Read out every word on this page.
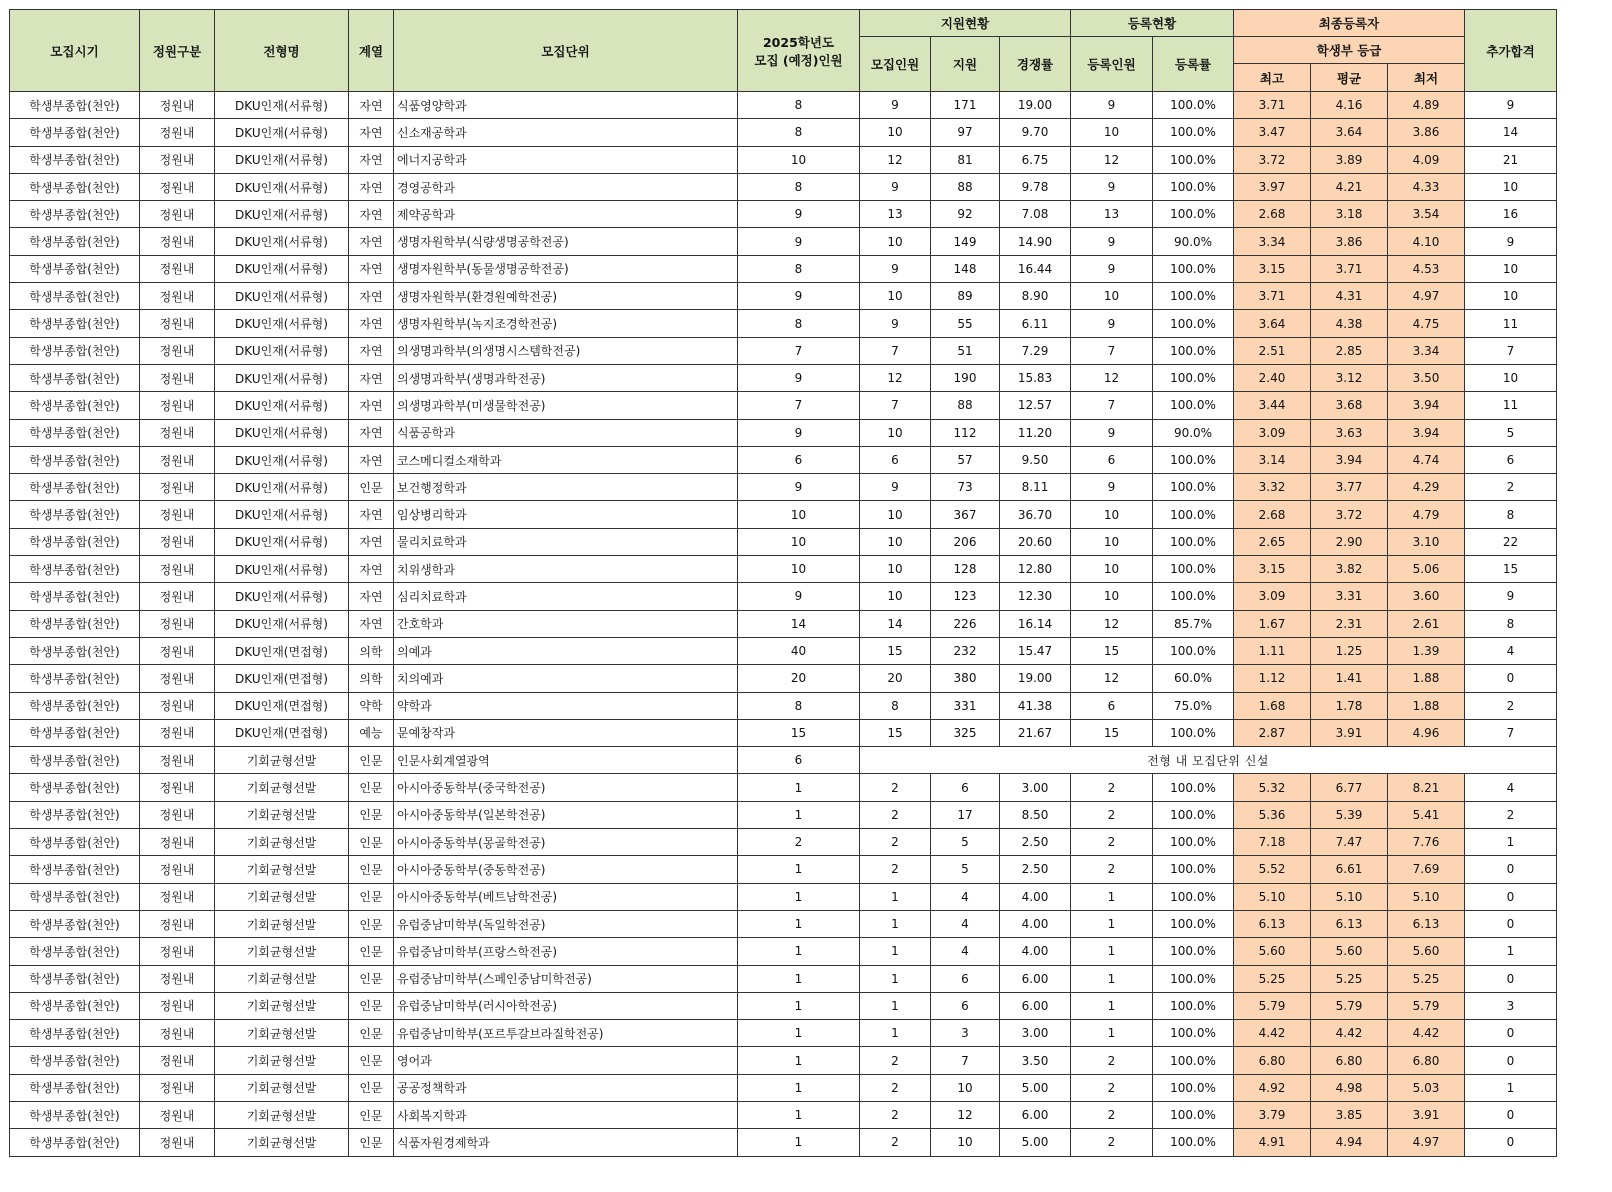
모집시기	정원구분	전형명	계열	모집단위	2025학년도
모집 (예정)인원	지원현황			등록현황		최종등록자			추가합격
						모집인원	지원	경쟁률	등록인원	등록률	학생부 등급			
											최고	평균	최저	
학생부종합(천안)	정원내	DKU인재(서류형)	자연	식품영양학과	8	9	171	19.00	9	100.0%	3.71	4.16	4.89	9
학생부종합(천안)	정원내	DKU인재(서류형)	자연	신소재공학과	8	10	97	9.70	10	100.0%	3.47	3.64	3.86	14
학생부종합(천안)	정원내	DKU인재(서류형)	자연	에너지공학과	10	12	81	6.75	12	100.0%	3.72	3.89	4.09	21
학생부종합(천안)	정원내	DKU인재(서류형)	자연	경영공학과	8	9	88	9.78	9	100.0%	3.97	4.21	4.33	10
학생부종합(천안)	정원내	DKU인재(서류형)	자연	제약공학과	9	13	92	7.08	13	100.0%	2.68	3.18	3.54	16
학생부종합(천안)	정원내	DKU인재(서류형)	자연	생명자원학부(식량생명공학전공)	9	10	149	14.90	9	90.0%	3.34	3.86	4.10	9
학생부종합(천안)	정원내	DKU인재(서류형)	자연	생명자원학부(동물생명공학전공)	8	9	148	16.44	9	100.0%	3.15	3.71	4.53	10
학생부종합(천안)	정원내	DKU인재(서류형)	자연	생명자원학부(환경원예학전공)	9	10	89	8.90	10	100.0%	3.71	4.31	4.97	10
학생부종합(천안)	정원내	DKU인재(서류형)	자연	생명자원학부(녹지조경학전공)	8	9	55	6.11	9	100.0%	3.64	4.38	4.75	11
학생부종합(천안)	정원내	DKU인재(서류형)	자연	의생명과학부(의생명시스템학전공)	7	7	51	7.29	7	100.0%	2.51	2.85	3.34	7
학생부종합(천안)	정원내	DKU인재(서류형)	자연	의생명과학부(생명과학전공)	9	12	190	15.83	12	100.0%	2.40	3.12	3.50	10
학생부종합(천안)	정원내	DKU인재(서류형)	자연	의생명과학부(미생물학전공)	7	7	88	12.57	7	100.0%	3.44	3.68	3.94	11
학생부종합(천안)	정원내	DKU인재(서류형)	자연	식품공학과	9	10	112	11.20	9	90.0%	3.09	3.63	3.94	5
학생부종합(천안)	정원내	DKU인재(서류형)	자연	코스메디컬소재학과	6	6	57	9.50	6	100.0%	3.14	3.94	4.74	6
학생부종합(천안)	정원내	DKU인재(서류형)	인문	보건행정학과	9	9	73	8.11	9	100.0%	3.32	3.77	4.29	2
학생부종합(천안)	정원내	DKU인재(서류형)	자연	임상병리학과	10	10	367	36.70	10	100.0%	2.68	3.72	4.79	8
학생부종합(천안)	정원내	DKU인재(서류형)	자연	물리치료학과	10	10	206	20.60	10	100.0%	2.65	2.90	3.10	22
학생부종합(천안)	정원내	DKU인재(서류형)	자연	치위생학과	10	10	128	12.80	10	100.0%	3.15	3.82	5.06	15
학생부종합(천안)	정원내	DKU인재(서류형)	자연	심리치료학과	9	10	123	12.30	10	100.0%	3.09	3.31	3.60	9
학생부종합(천안)	정원내	DKU인재(서류형)	자연	간호학과	14	14	226	16.14	12	85.7%	1.67	2.31	2.61	8
학생부종합(천안)	정원내	DKU인재(면접형)	의학	의예과	40	15	232	15.47	15	100.0%	1.11	1.25	1.39	4
학생부종합(천안)	정원내	DKU인재(면접형)	의학	치의예과	20	20	380	19.00	12	60.0%	1.12	1.41	1.88	0
학생부종합(천안)	정원내	DKU인재(면접형)	약학	약학과	8	8	331	41.38	6	75.0%	1.68	1.78	1.88	2
학생부종합(천안)	정원내	DKU인재(면접형)	예능	문예창작과	15	15	325	21.67	15	100.0%	2.87	3.91	4.96	7
학생부종합(천안)	정원내	기회균형선발	인문	인문사회계열광역	6	전형 내 모집단위 신설								
학생부종합(천안)	정원내	기회균형선발	인문	아시아중동학부(중국학전공)	1	2	6	3.00	2	100.0%	5.32	6.77	8.21	4
학생부종합(천안)	정원내	기회균형선발	인문	아시아중동학부(일본학전공)	1	2	17	8.50	2	100.0%	5.36	5.39	5.41	2
학생부종합(천안)	정원내	기회균형선발	인문	아시아중동학부(몽골학전공)	2	2	5	2.50	2	100.0%	7.18	7.47	7.76	1
학생부종합(천안)	정원내	기회균형선발	인문	아시아중동학부(중동학전공)	1	2	5	2.50	2	100.0%	5.52	6.61	7.69	0
학생부종합(천안)	정원내	기회균형선발	인문	아시아중동학부(베트남학전공)	1	1	4	4.00	1	100.0%	5.10	5.10	5.10	0
학생부종합(천안)	정원내	기회균형선발	인문	유럽중남미학부(독일학전공)	1	1	4	4.00	1	100.0%	6.13	6.13	6.13	0
학생부종합(천안)	정원내	기회균형선발	인문	유럽중남미학부(프랑스학전공)	1	1	4	4.00	1	100.0%	5.60	5.60	5.60	1
학생부종합(천안)	정원내	기회균형선발	인문	유럽중남미학부(스페인중남미학전공)	1	1	6	6.00	1	100.0%	5.25	5.25	5.25	0
학생부종합(천안)	정원내	기회균형선발	인문	유럽중남미학부(러시아학전공)	1	1	6	6.00	1	100.0%	5.79	5.79	5.79	3
학생부종합(천안)	정원내	기회균형선발	인문	유럽중남미학부(포르투갈브라질학전공)	1	1	3	3.00	1	100.0%	4.42	4.42	4.42	0
학생부종합(천안)	정원내	기회균형선발	인문	영어과	1	2	7	3.50	2	100.0%	6.80	6.80	6.80	0
학생부종합(천안)	정원내	기회균형선발	인문	공공정책학과	1	2	10	5.00	2	100.0%	4.92	4.98	5.03	1
학생부종합(천안)	정원내	기회균형선발	인문	사회복지학과	1	2	12	6.00	2	100.0%	3.79	3.85	3.91	0
학생부종합(천안)	정원내	기회균형선발	인문	식품자원경제학과	1	2	10	5.00	2	100.0%	4.91	4.94	4.97	0
